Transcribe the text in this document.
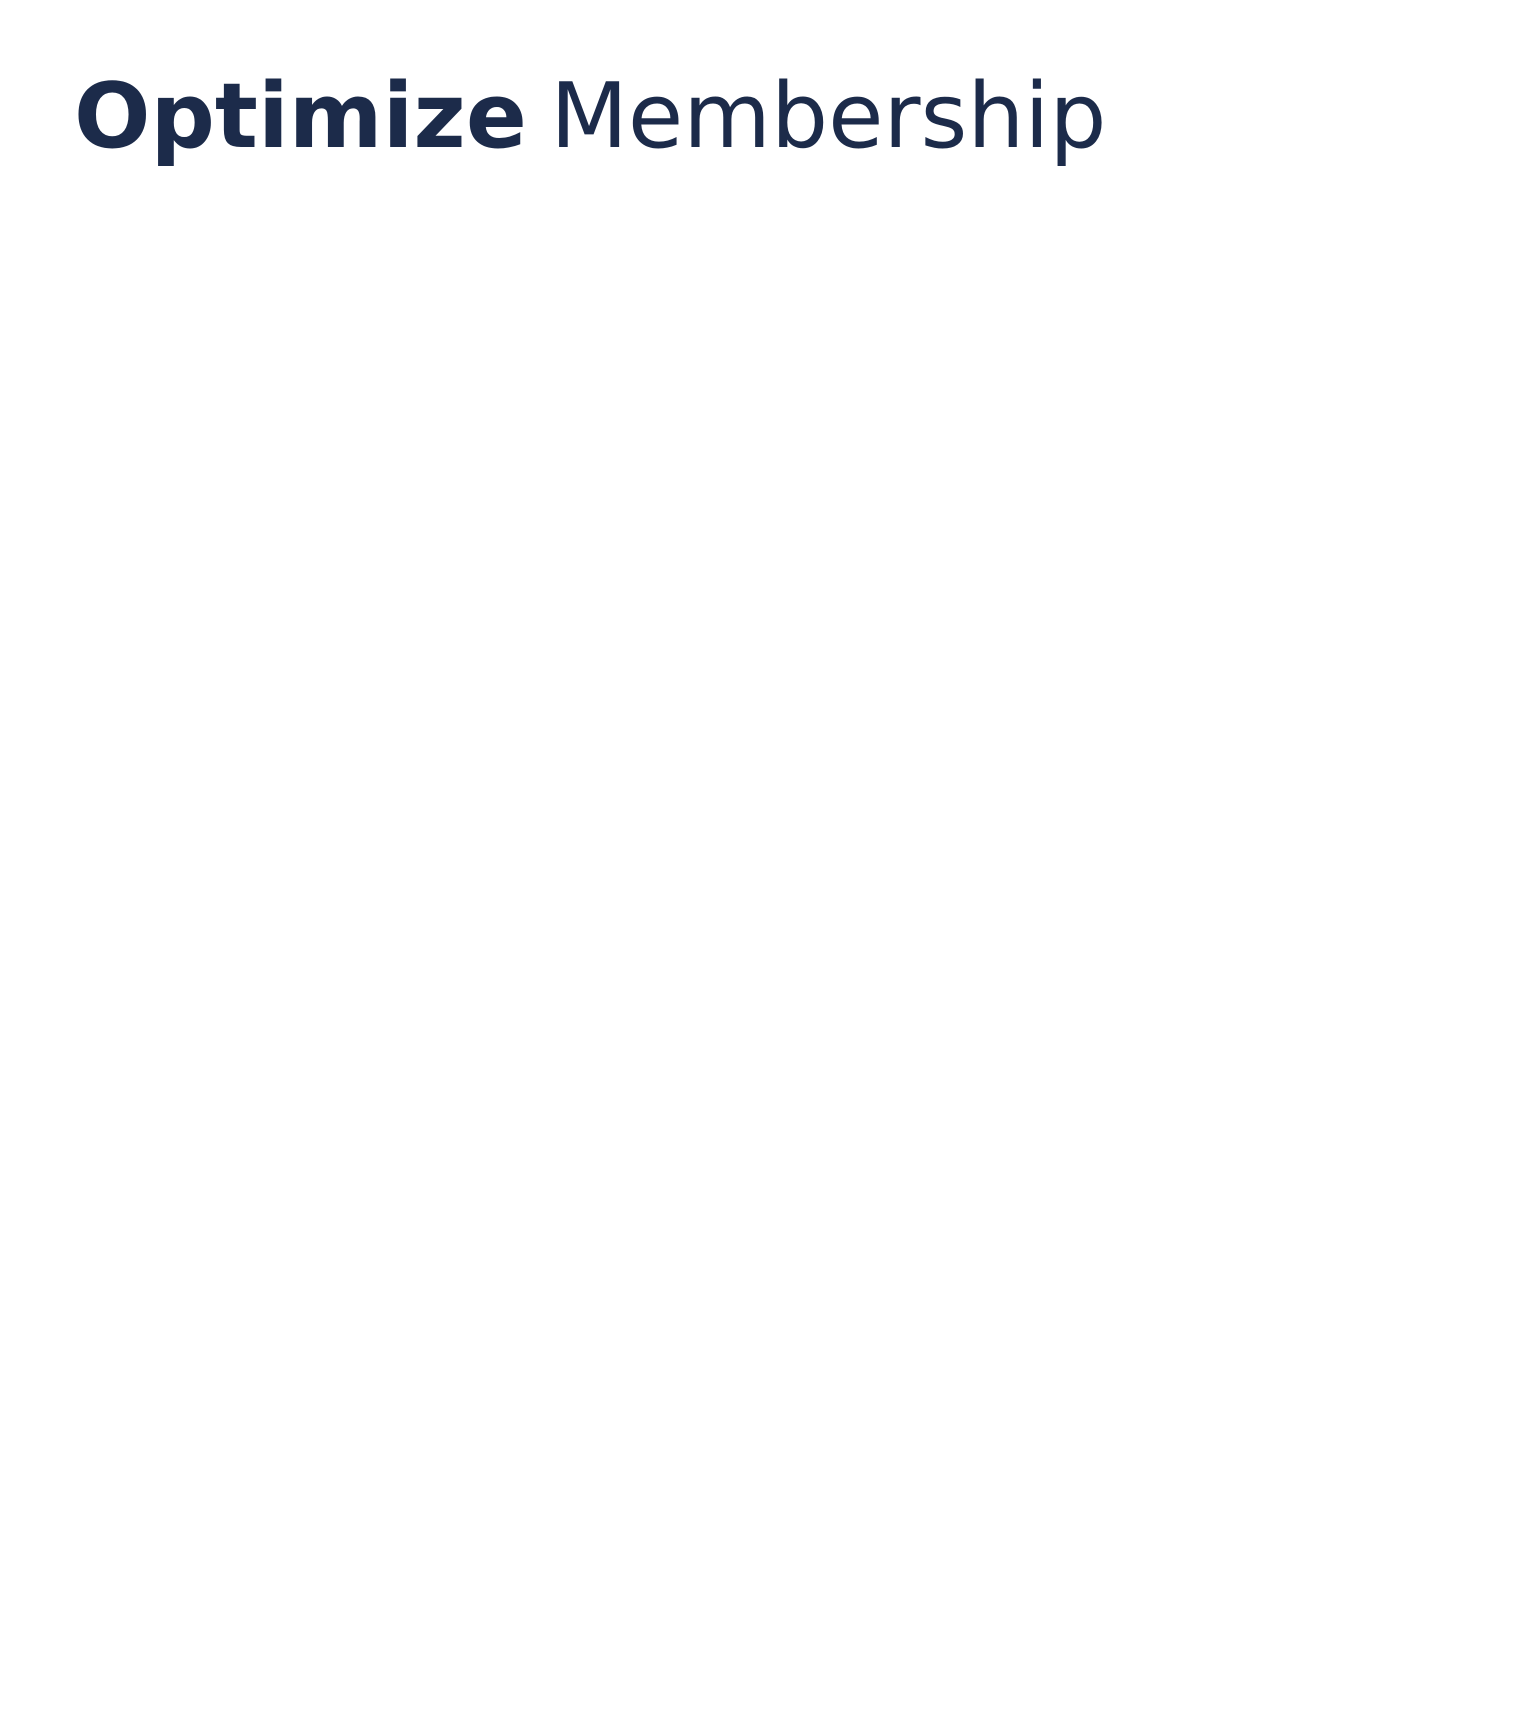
Optimize Membership
